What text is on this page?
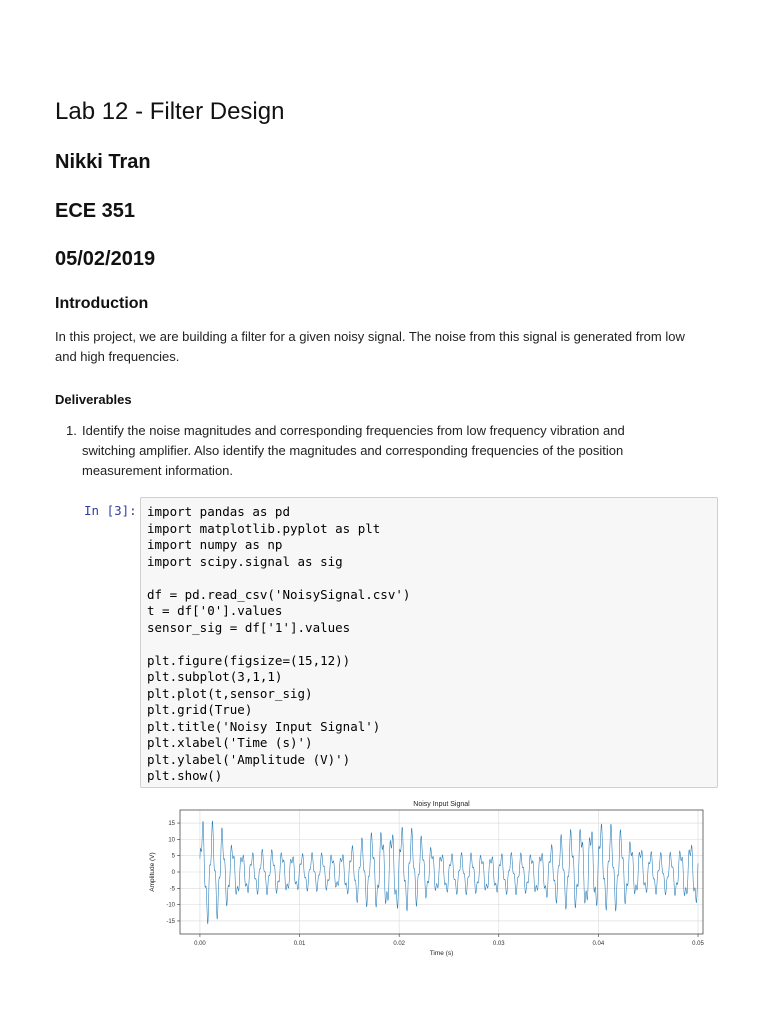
Lab 12 - Filter Design
Nikki Tran
ECE 351
05/02/2019
Introduction
In this project, we are building a filter for a given noisy signal. The noise from this signal is generated from low and high frequencies.
Deliverables
1. Identify the noise magnitudes and corresponding frequencies from low frequency vibration and switching amplifier. Also identify the magnitudes and corresponding frequencies of the position measurement information.
In [3]: import pandas as pd
import matplotlib.pyplot as plt
import numpy as np
import scipy.signal as sig
df = pd.read_csv('NoisySignal.csv')
t = df['0'].values
sensor_sig = df['1'].values
plt.figure(figsize=(15,12))
plt.subplot(3,1,1)
plt.plot(t,sensor_sig)
plt.grid(True)
plt.title('Noisy Input Signal')
plt.xlabel('Time (s)')
plt.ylabel('Amplitude (V)')
plt.show()
0.00	0.01	0.02	0.03	0.04	0.05
15
10
5
0
-5
-10
-15
Noisy Input Signal
Time (s)
Amplitude (V)
